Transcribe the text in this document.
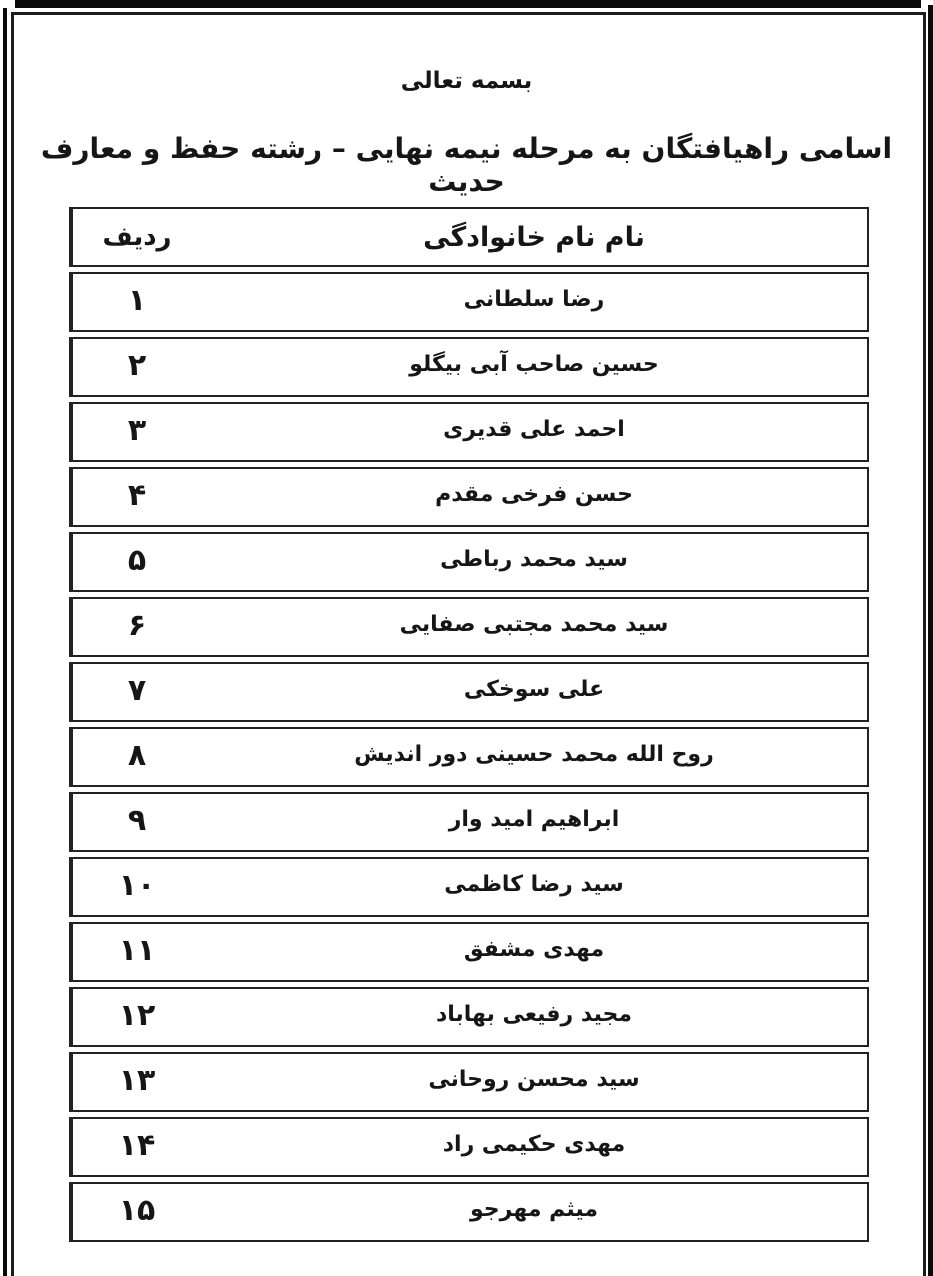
بسمه تعالی
اسامی راهیافتگان به مرحله نیمه نهایی – رشته حفظ و معارف حدیث
ردیف	نام نام خانوادگی
۱	رضا سلطانی
۲	حسین صاحب آبی بیگلو
۳	احمد علی قدیری
۴	حسن فرخی مقدم
۵	سید محمد رباطی
۶	سید محمد مجتبی صفایی
۷	علی سوخکی
۸	روح الله محمد حسینی دور اندیش
۹	ابراهیم امید وار
۱۰	سید رضا کاظمی
۱۱	مهدی مشفق
۱۲	مجید رفیعی بهاباد
۱۳	سید محسن روحانی
۱۴	مهدی حکیمی راد
۱۵	میثم مهرجو
